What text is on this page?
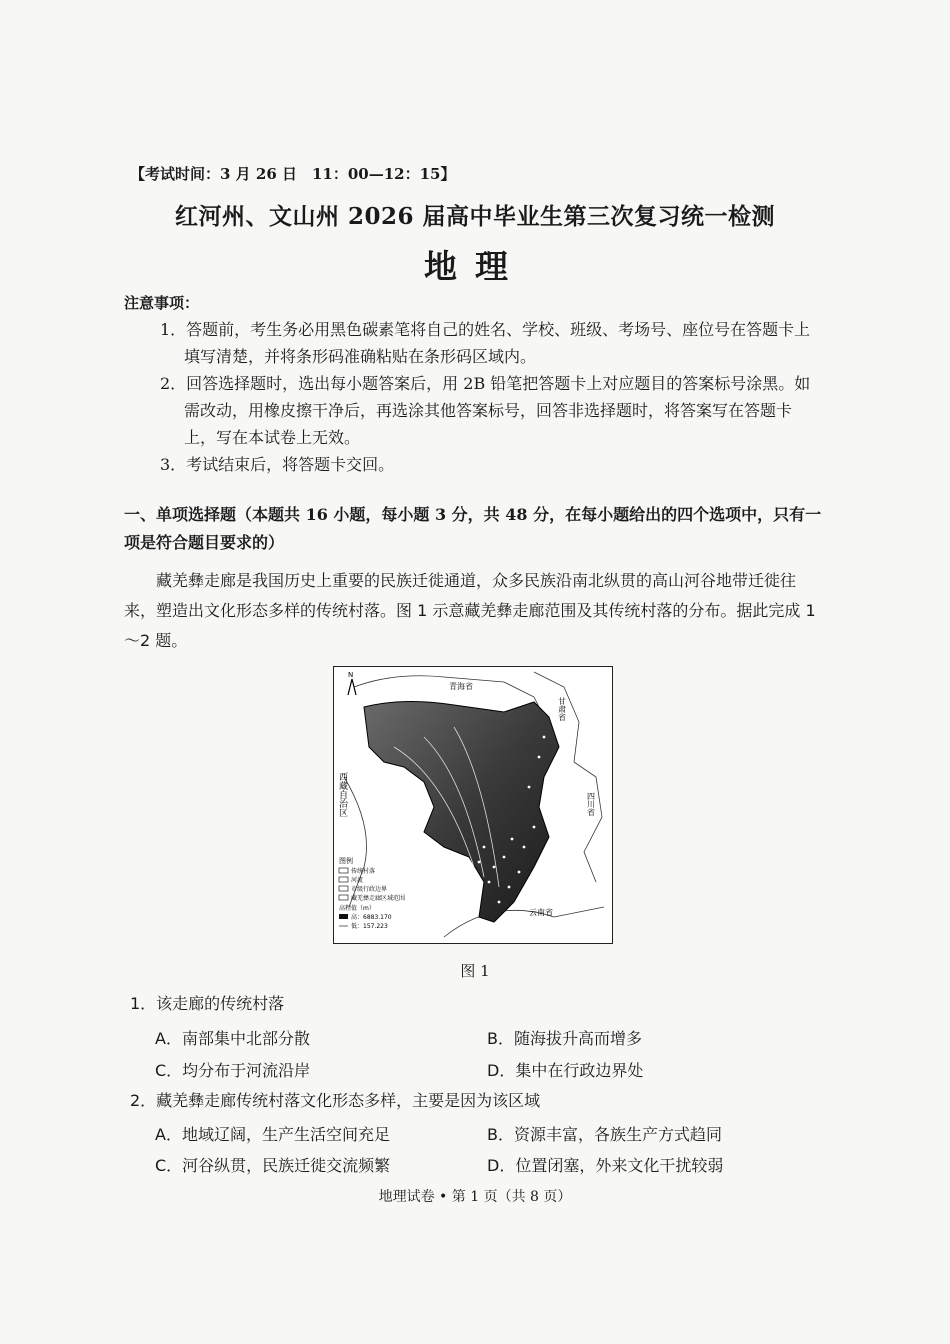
【考试时间：3 月 26 日　11：00—12：15】
红河州、文山州 2026 届高中毕业生第三次复习统一检测
地理
注意事项：
1．答题前，考生务必用黑色碳素笔将自己的姓名、学校、班级、考场号、座位号在答题卡上填写清楚，并将条形码准确粘贴在条形码区域内。
2．回答选择题时，选出每小题答案后，用 2B 铅笔把答题卡上对应题目的答案标号涂黑。如需改动，用橡皮擦干净后，再选涂其他答案标号，回答非选择题时，将答案写在答题卡上，写在本试卷上无效。
3．考试结束后，将答题卡交回。
一、单项选择题（本题共 16 小题，每小题 3 分，共 48 分，在每小题给出的四个选项中，只有一项是符合题目要求的）
藏羌彝走廊是我国历史上重要的民族迁徙通道，众多民族沿南北纵贯的高山河谷地带迁徙往来，塑造出文化形态多样的传统村落。图 1 示意藏羌彝走廊范围及其传统村落的分布。据此完成 1～2 题。
N
青海省
甘肃省
西藏自治区	四川省
云南省
图例
传统村落
河流
市级行政边界
藏羌彝走廊区域范围
高程值（m）
高：6883.170
低：157.223
图 1
1．该走廊的传统村落
A．南部集中北部分散	B．随海拔升高而增多
C．均分布于河流沿岸	D．集中在行政边界处
2．藏羌彝走廊传统村落文化形态多样，主要是因为该区域
A．地域辽阔，生产生活空间充足	B．资源丰富，各族生产方式趋同
C．河谷纵贯，民族迁徙交流频繁	D．位置闭塞，外来文化干扰较弱
地理试卷 • 第 1 页（共 8 页）
